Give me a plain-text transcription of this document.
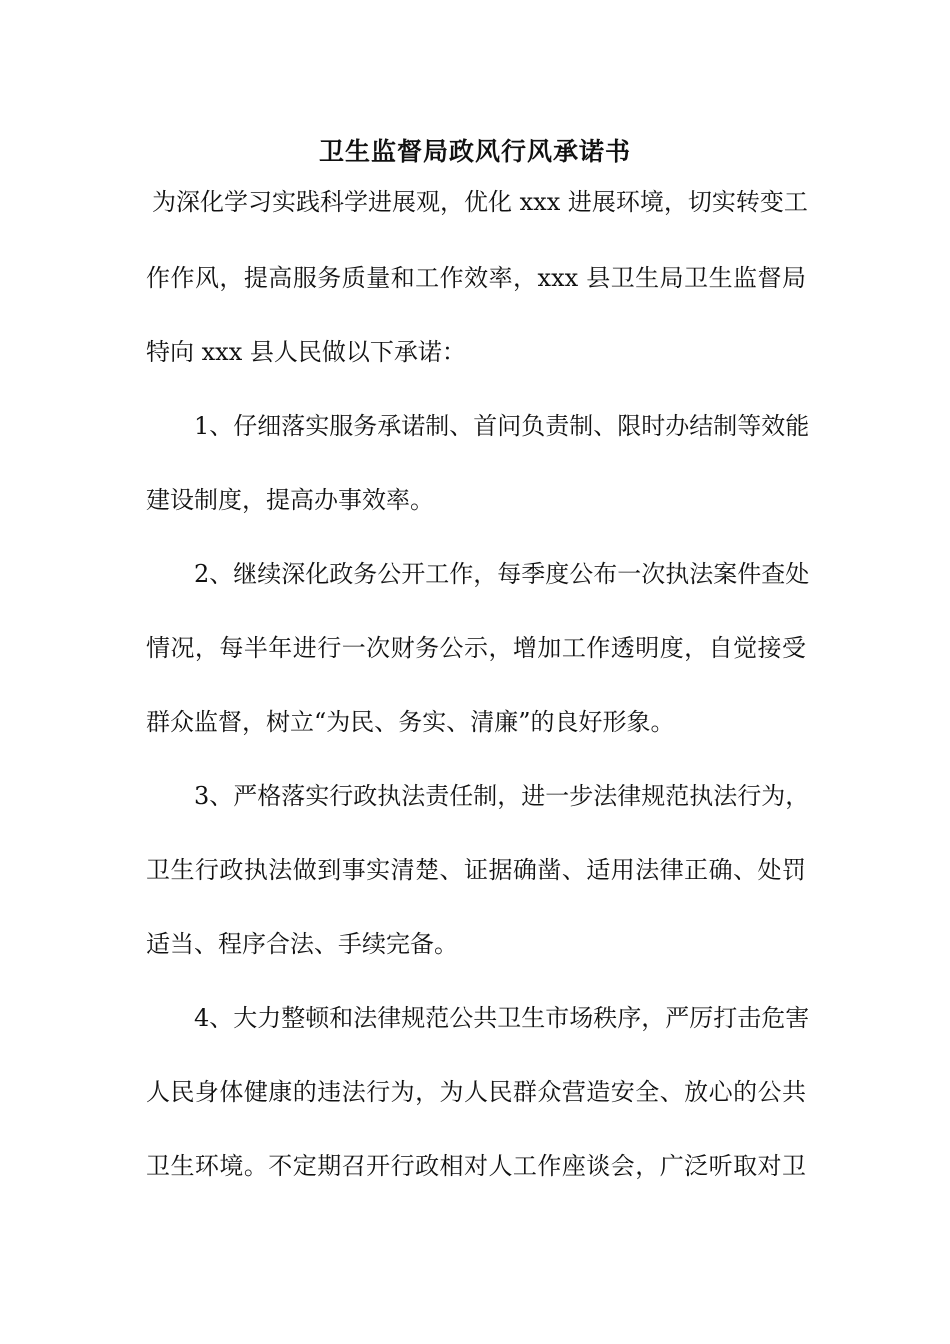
卫生监督局政风行风承诺书
为深化学习实践科学进展观，优化 xxx 进展环境，切实转变工
作作风，提高服务质量和工作效率，xxx 县卫生局卫生监督局
特向 xxx 县人民做以下承诺：
1、仔细落实服务承诺制、首问负责制、限时办结制等效能
建设制度，提高办事效率。
2、继续深化政务公开工作，每季度公布一次执法案件查处
情况，每半年进行一次财务公示，增加工作透明度，自觉接受
群众监督，树立“为民、务实、清廉”的良好形象。
3、严格落实行政执法责任制，进一步法律规范执法行为，
卫生行政执法做到事实清楚、证据确凿、适用法律正确、处罚
适当、程序合法、手续完备。
4、大力整顿和法律规范公共卫生市场秩序，严厉打击危害
人民身体健康的违法行为，为人民群众营造安全、放心的公共
卫生环境。不定期召开行政相对人工作座谈会，广泛听取对卫
